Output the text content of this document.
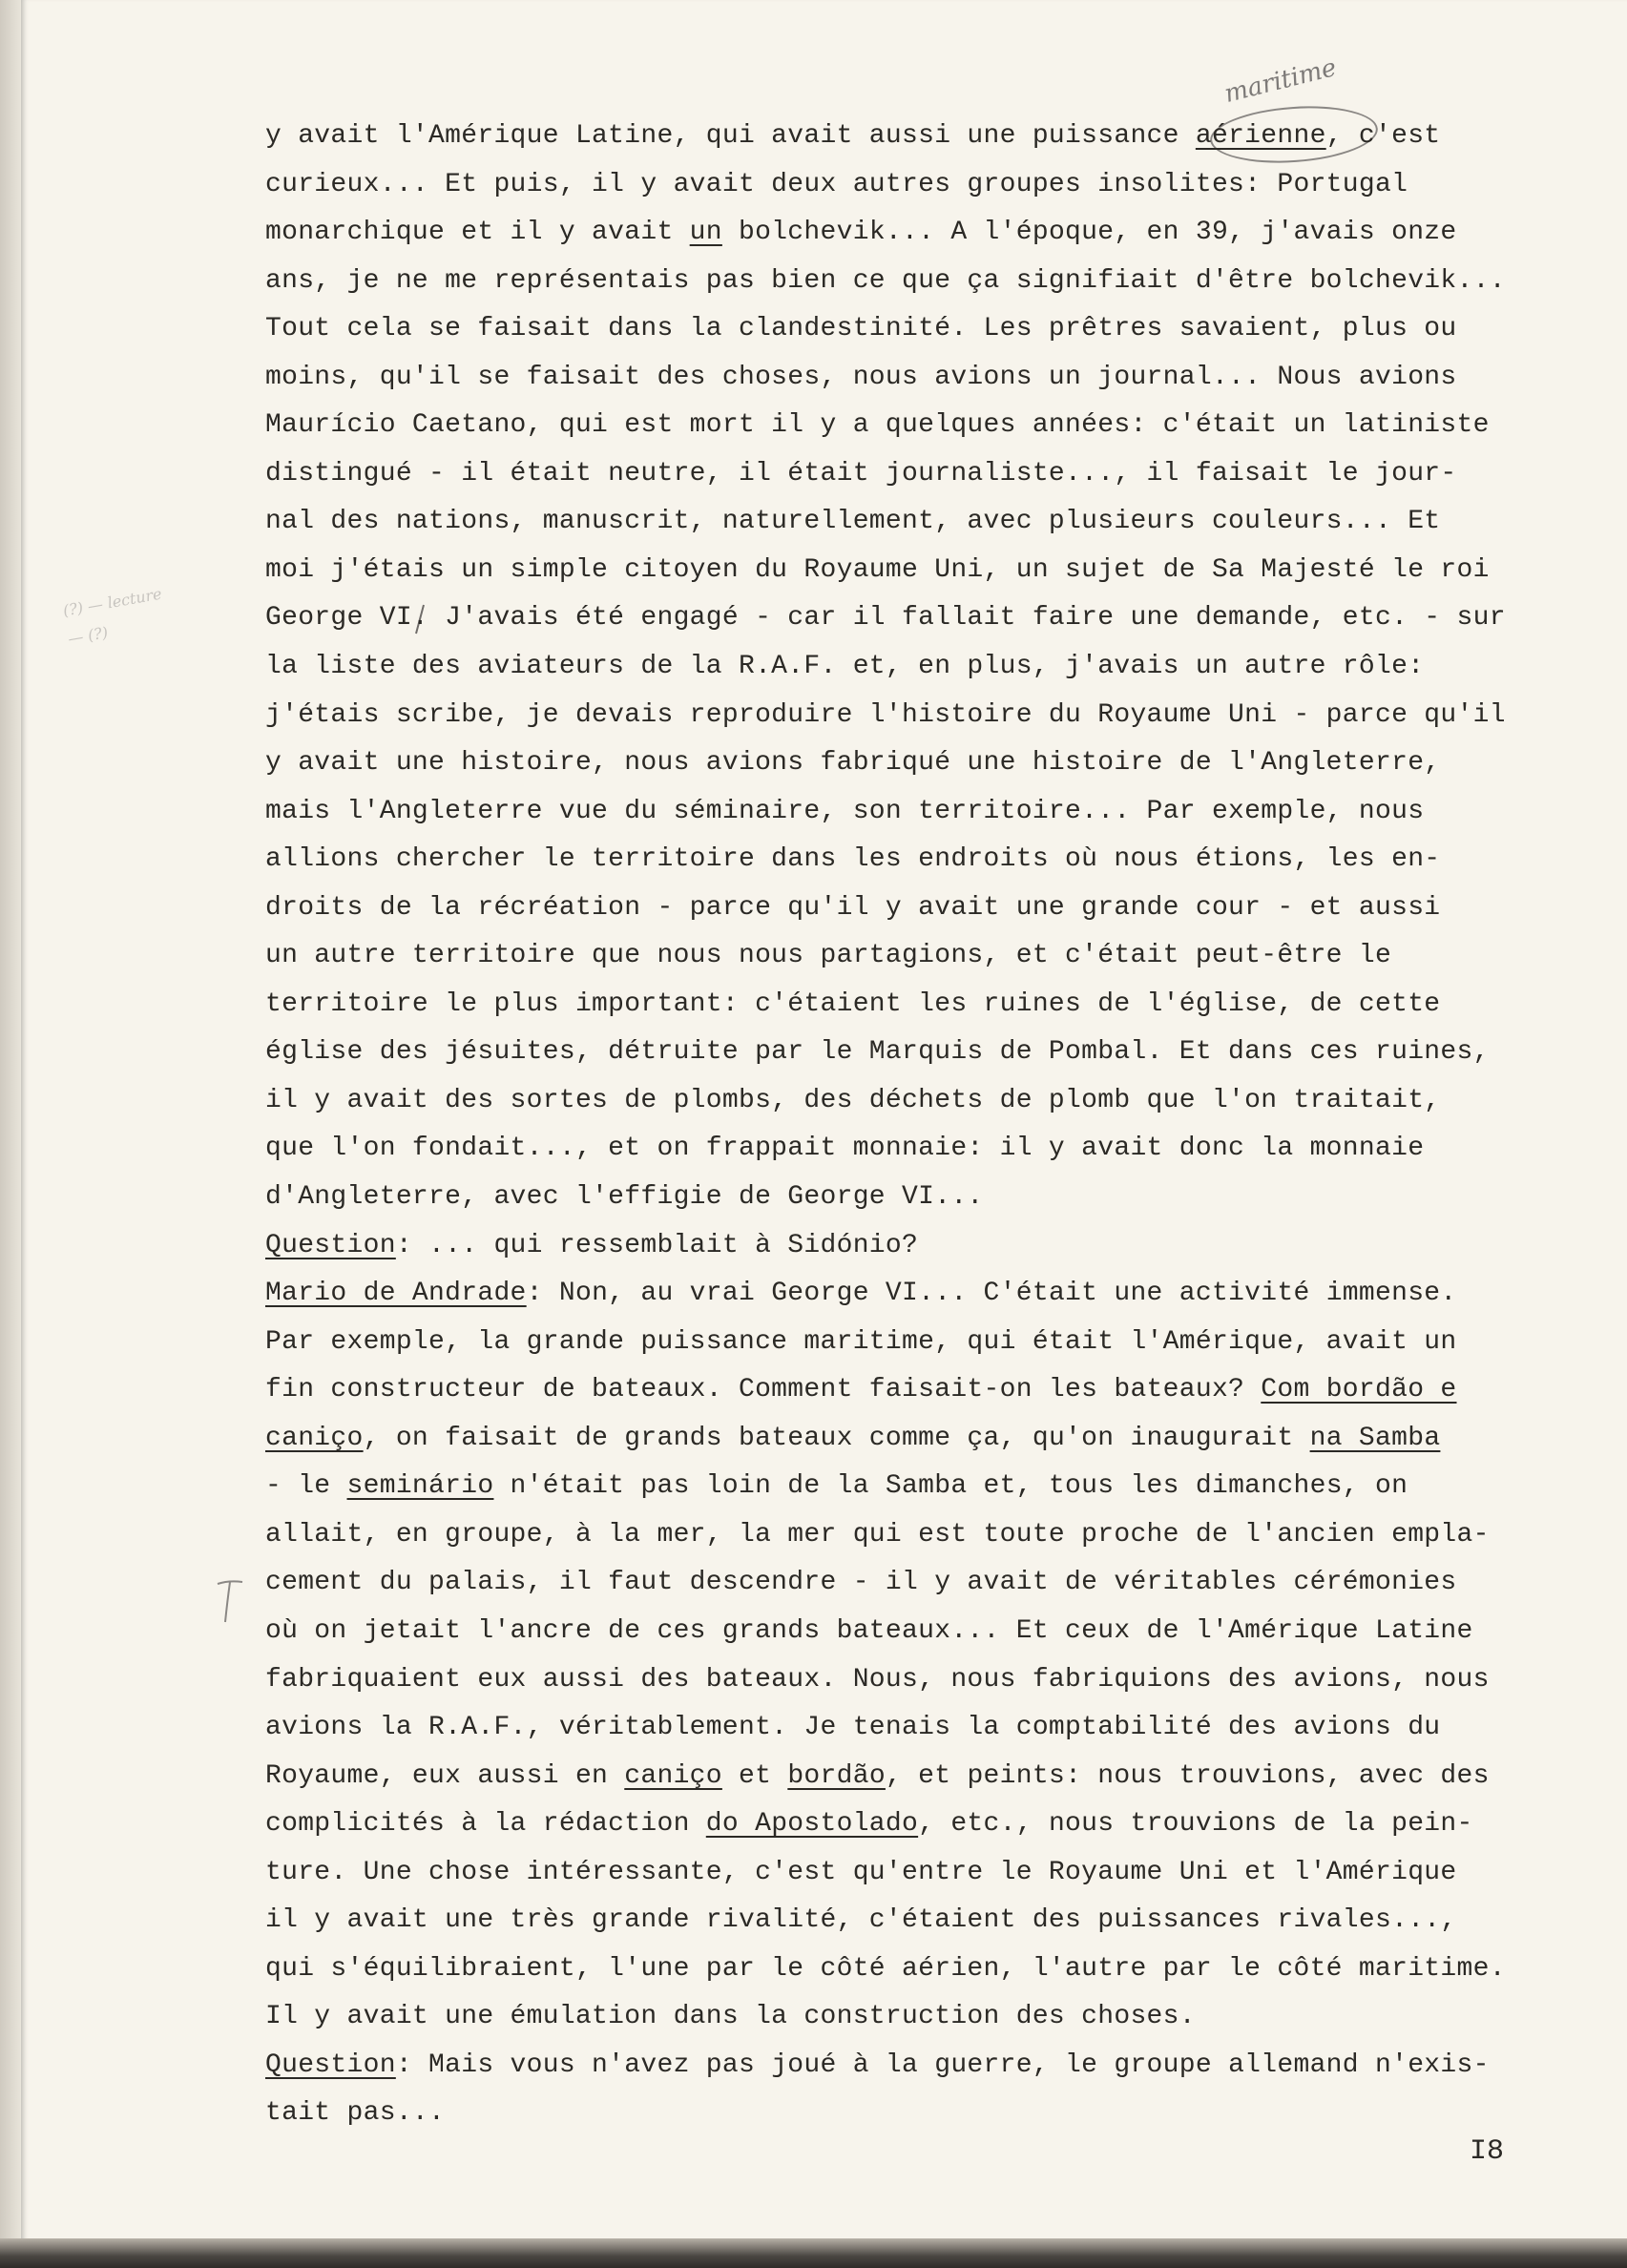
maritime
(?) — lecture — (?)
y avait l'Amérique Latine, qui avait aussi une puissance aérienne, c'est
curieux... Et puis, il y avait deux autres groupes insolites: Portugal
monarchique et il y avait un bolchevik... A l'époque, en 39, j'avais onze
ans, je ne me représentais pas bien ce que ça signifiait d'être bolchevik...
Tout cela se faisait dans la clandestinité. Les prêtres savaient, plus ou
moins, qu'il se faisait des choses, nous avions un journal... Nous avions
Maurício Caetano, qui est mort il y a quelques années: c'était un latiniste
distingué - il était neutre, il était journaliste..., il faisait le jour-
nal des nations, manuscrit, naturellement, avec plusieurs couleurs... Et
moi j'étais un simple citoyen du Royaume Uni, un sujet de Sa Majesté le roi
George VI. J'avais été engagé - car il fallait faire une demande, etc. - sur
la liste des aviateurs de la R.A.F. et, en plus, j'avais un autre rôle:
j'étais scribe, je devais reproduire l'histoire du Royaume Uni - parce qu'il
y avait une histoire, nous avions fabriqué une histoire de l'Angleterre,
mais l'Angleterre vue du séminaire, son territoire... Par exemple, nous
allions chercher le territoire dans les endroits où nous étions, les en-
droits de la récréation - parce qu'il y avait une grande cour - et aussi
un autre territoire que nous nous partagions, et c'était peut-être le
territoire le plus important: c'étaient les ruines de l'église, de cette
église des jésuites, détruite par le Marquis de Pombal. Et dans ces ruines,
il y avait des sortes de plombs, des déchets de plomb que l'on traitait,
que l'on fondait..., et on frappait monnaie: il y avait donc la monnaie
d'Angleterre, avec l'effigie de George VI...
Question: ... qui ressemblait à Sidónio?
Mario de Andrade: Non, au vrai George VI... C'était une activité immense.
Par exemple, la grande puissance maritime, qui était l'Amérique, avait un
fin constructeur de bateaux. Comment faisait-on les bateaux? Com bordão e
caniço, on faisait de grands bateaux comme ça, qu'on inaugurait na Samba
- le seminário n'était pas loin de la Samba et, tous les dimanches, on
allait, en groupe, à la mer, la mer qui est toute proche de l'ancien empla-
cement du palais, il faut descendre - il y avait de véritables cérémonies
où on jetait l'ancre de ces grands bateaux... Et ceux de l'Amérique Latine
fabriquaient eux aussi des bateaux. Nous, nous fabriquions des avions, nous
avions la R.A.F., véritablement. Je tenais la comptabilité des avions du
Royaume, eux aussi en caniço et bordão, et peints: nous trouvions, avec des
complicités à la rédaction do Apostolado, etc., nous trouvions de la pein-
ture. Une chose intéressante, c'est qu'entre le Royaume Uni et l'Amérique
il y avait une très grande rivalité, c'étaient des puissances rivales...,
qui s'équilibraient, l'une par le côté aérien, l'autre par le côté maritime.
Il y avait une émulation dans la construction des choses.
Question: Mais vous n'avez pas joué à la guerre, le groupe allemand n'exis-
tait pas...
I8
